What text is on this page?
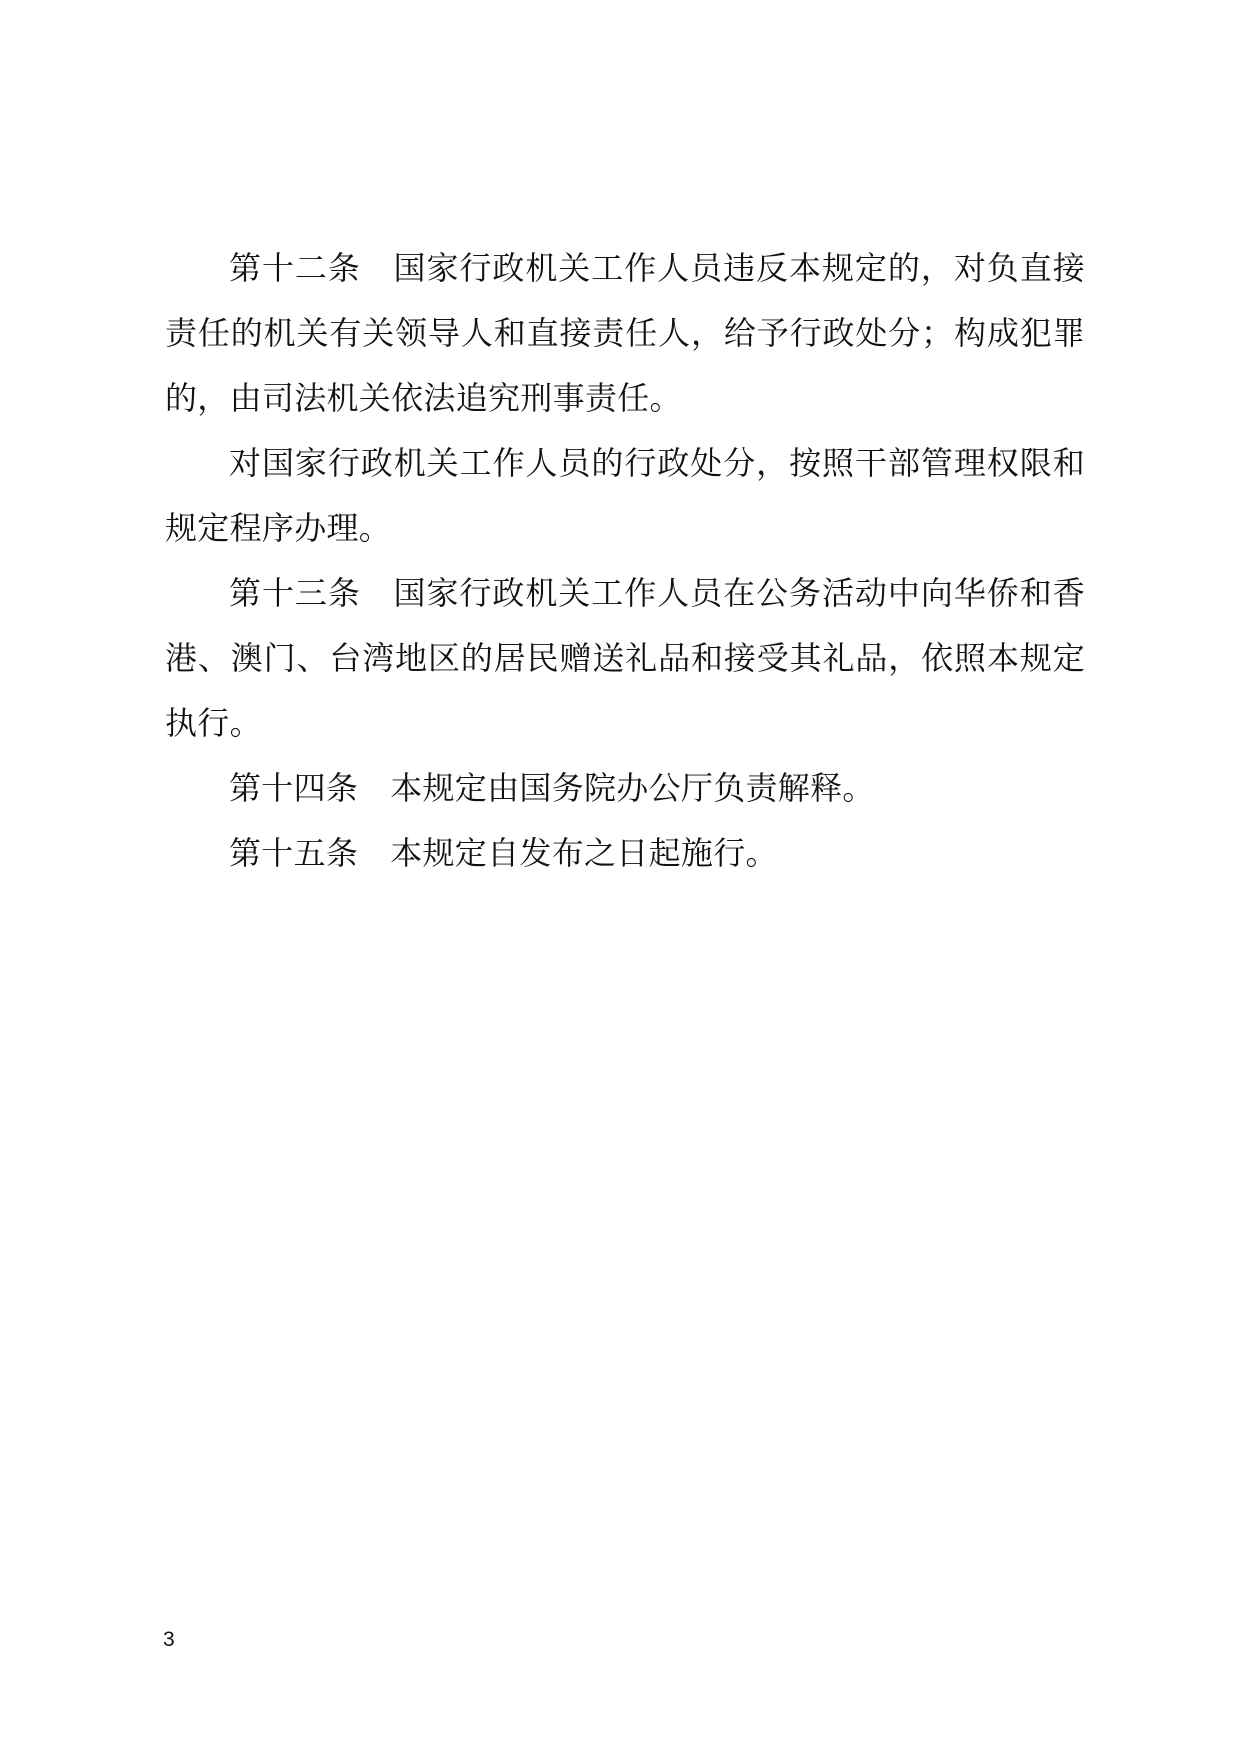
第十二条 国家行政机关工作人员违反本规定的，对负直接责任的机关有关领导人和直接责任人，给予行政处分；构成犯罪的，由司法机关依法追究刑事责任。

对国家行政机关工作人员的行政处分，按照干部管理权限和规定程序办理。

第十三条 国家行政机关工作人员在公务活动中向华侨和香港、澳门、台湾地区的居民赠送礼品和接受其礼品，依照本规定执行。

第十四条 本规定由国务院办公厅负责解释。

第十五条 本规定自发布之日起施行。

3
